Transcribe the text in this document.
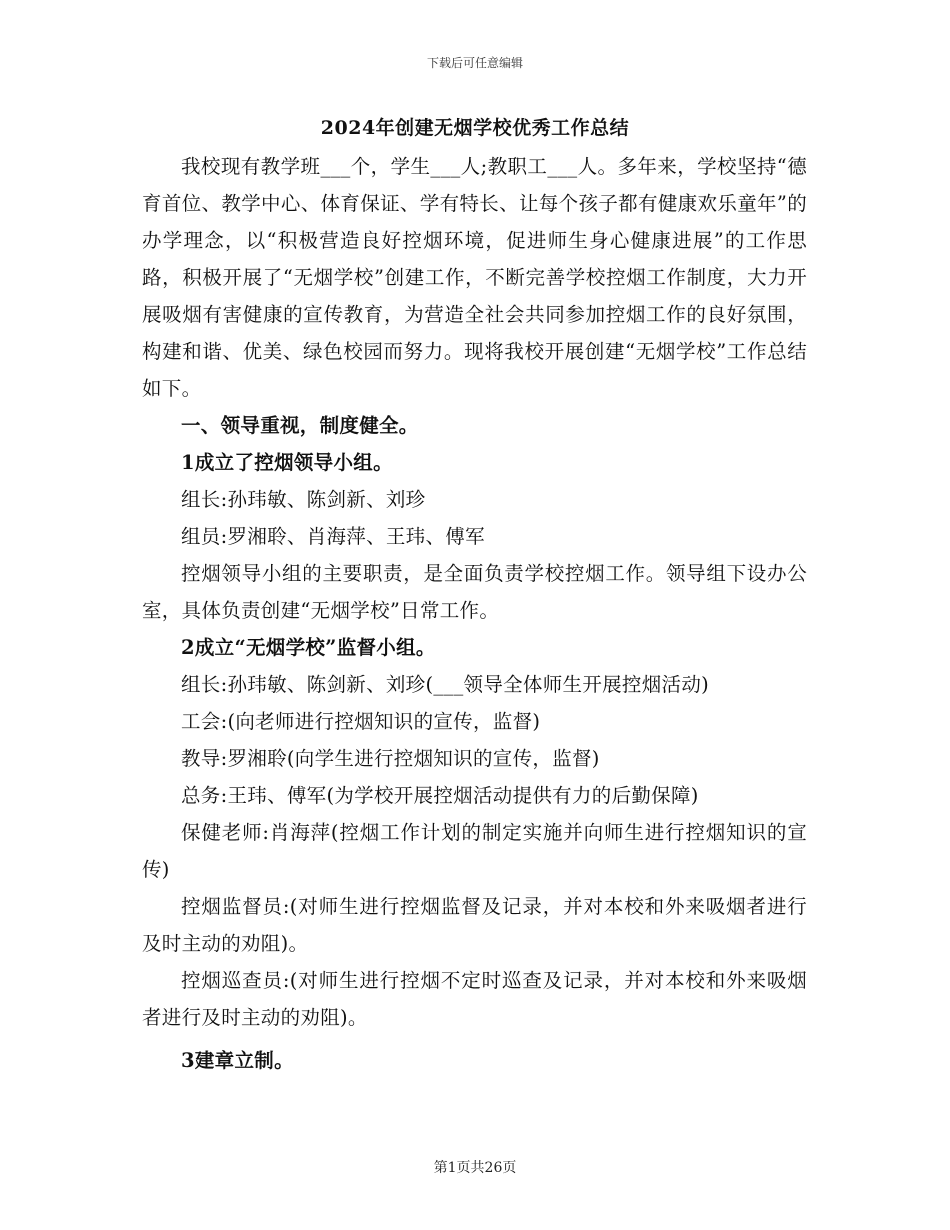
下载后可任意编辑
2024年创建无烟学校优秀工作总结

我校现有教学班___个，学生___人;教职工___人。多年来，学校坚持“德育首位、教学中心、体育保证、学有特长、让每个孩子都有健康欢乐童年”的办学理念，以“积极营造良好控烟环境，促进师生身心健康进展”的工作思路，积极开展了“无烟学校”创建工作，不断完善学校控烟工作制度，大力开展吸烟有害健康的宣传教育，为营造全社会共同参加控烟工作的良好氛围，构建和谐、优美、绿色校园而努力。现将我校开展创建“无烟学校”工作总结如下。

一、领导重视，制度健全。

1成立了控烟领导小组。

组长:孙玮敏、陈剑新、刘珍

组员:罗湘聆、肖海萍、王玮、傅军

控烟领导小组的主要职责，是全面负责学校控烟工作。领导组下设办公室，具体负责创建“无烟学校”日常工作。

2成立“无烟学校”监督小组。

组长:孙玮敏、陈剑新、刘珍(___领导全体师生开展控烟活动)

工会:(向老师进行控烟知识的宣传，监督)

教导:罗湘聆(向学生进行控烟知识的宣传，监督)

总务:王玮、傅军(为学校开展控烟活动提供有力的后勤保障)

保健老师:肖海萍(控烟工作计划的制定实施并向师生进行控烟知识的宣传)

控烟监督员:(对师生进行控烟监督及记录，并对本校和外来吸烟者进行及时主动的劝阻)。

控烟巡查员:(对师生进行控烟不定时巡查及记录，并对本校和外来吸烟者进行及时主动的劝阻)。

3建章立制。

第1页共26页
